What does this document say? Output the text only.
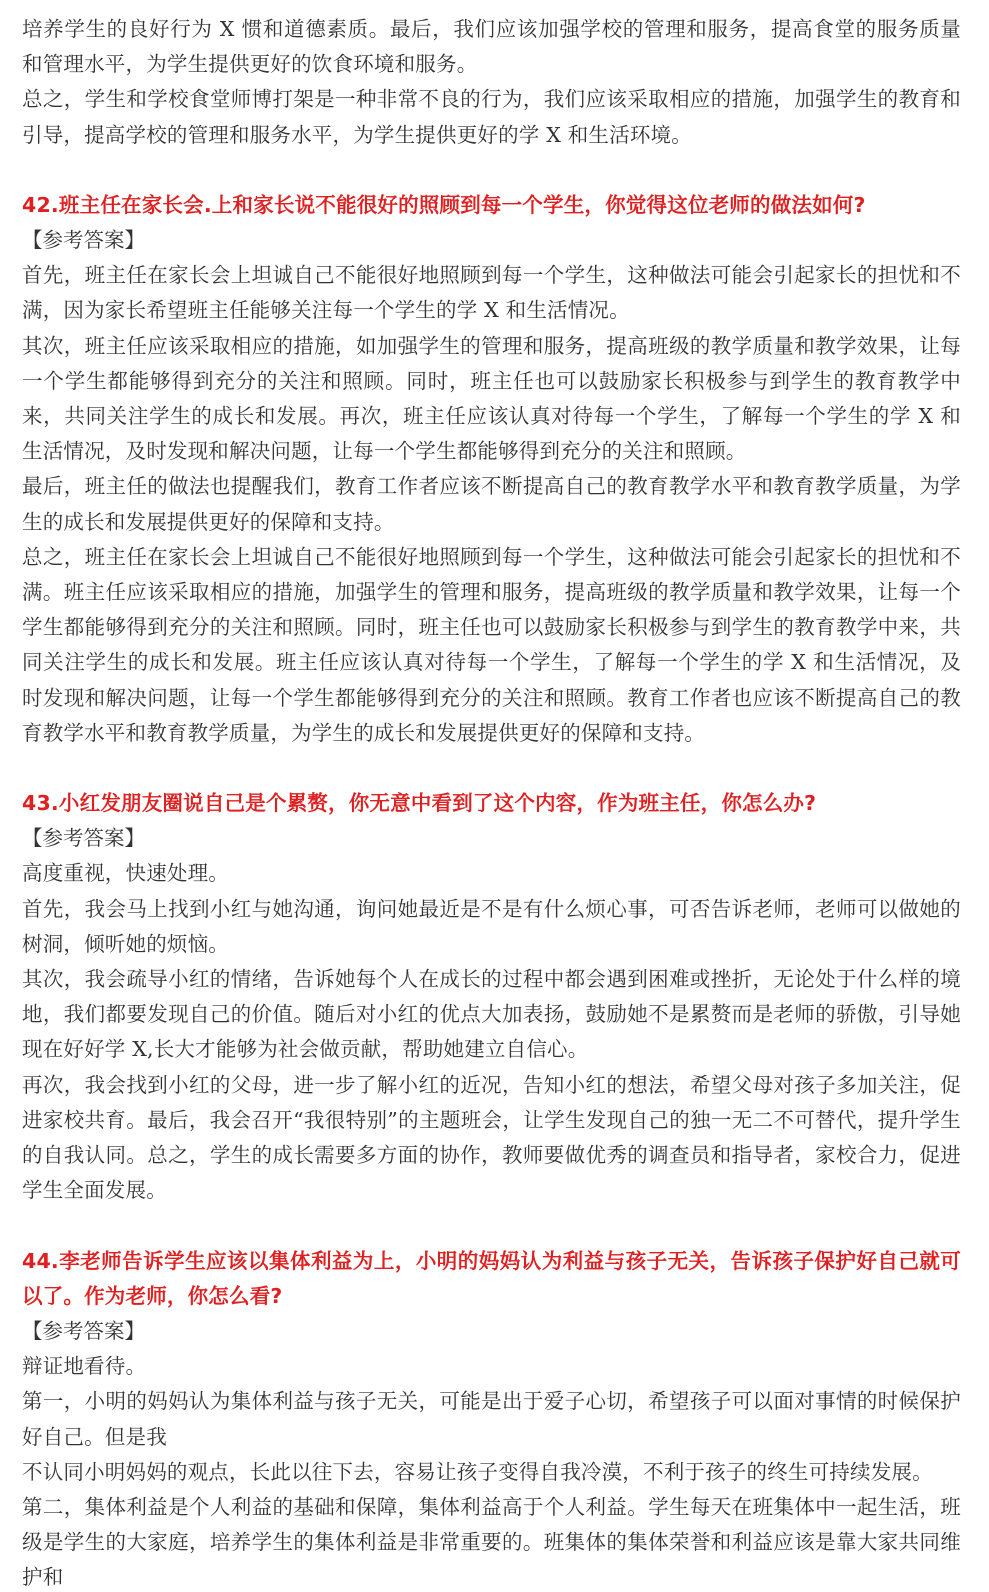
培养学生的良好行为 X 惯和道德素质。最后，我们应该加强学校的管理和服务，提高食堂的服务质量和管理水平，为学生提供更好的饮食环境和服务。

总之，学生和学校食堂师博打架是一种非常不良的行为，我们应该采取相应的措施，加强学生的教育和引导，提高学校的管理和服务水平，为学生提供更好的学 X 和生活环境。

42.班主任在家长会.上和家长说不能很好的照顾到每一个学生，你觉得这位老师的做法如何?

【参考答案】

首先，班主任在家长会上坦诚自己不能很好地照顾到每一个学生，这种做法可能会引起家长的担忧和不满，因为家长希望班主任能够关注每一个学生的学 X 和生活情况。

其次，班主任应该采取相应的措施，如加强学生的管理和服务，提高班级的教学质量和教学效果，让每一个学生都能够得到充分的关注和照顾。同时，班主任也可以鼓励家长积极参与到学生的教育教学中来，共同关注学生的成长和发展。再次，班主任应该认真对待每一个学生，了解每一个学生的学 X 和生活情况，及时发现和解决问题，让每一个学生都能够得到充分的关注和照顾。

最后，班主任的做法也提醒我们，教育工作者应该不断提高自己的教育教学水平和教育教学质量，为学生的成长和发展提供更好的保障和支持。

总之，班主任在家长会上坦诚自己不能很好地照顾到每一个学生，这种做法可能会引起家长的担忧和不满。班主任应该采取相应的措施，加强学生的管理和服务，提高班级的教学质量和教学效果，让每一个学生都能够得到充分的关注和照顾。同时，班主任也可以鼓励家长积极参与到学生的教育教学中来，共同关注学生的成长和发展。班主任应该认真对待每一个学生，了解每一个学生的学 X 和生活情况，及时发现和解决问题，让每一个学生都能够得到充分的关注和照顾。教育工作者也应该不断提高自己的教育教学水平和教育教学质量，为学生的成长和发展提供更好的保障和支持。

43.小红发朋友圈说自己是个累赘，你无意中看到了这个内容，作为班主任，你怎么办?

【参考答案】

高度重视，快速处理。

首先，我会马上找到小红与她沟通，询问她最近是不是有什么烦心事，可否告诉老师，老师可以做她的树洞，倾听她的烦恼。

其次，我会疏导小红的情绪，告诉她每个人在成长的过程中都会遇到困难或挫折，无论处于什么样的境地，我们都要发现自己的价值。随后对小红的优点大加表扬，鼓励她不是累赘而是老师的骄傲，引导她现在好好学 X,长大才能够为社会做贡献，帮助她建立自信心。

再次，我会找到小红的父母，进一步了解小红的近况，告知小红的想法，希望父母对孩子多加关注，促进家校共育。最后，我会召开“我很特别”的主题班会，让学生发现自己的独一无二不可替代，提升学生的自我认同。总之，学生的成长需要多方面的协作，教师要做优秀的调查员和指导者，家校合力，促进学生全面发展。

44.李老师告诉学生应该以集体利益为上，小明的妈妈认为利益与孩子无关，告诉孩子保护好自己就可以了。作为老师，你怎么看?

【参考答案】

辩证地看待。

第一，小明的妈妈认为集体利益与孩子无关，可能是出于爱子心切，希望孩子可以面对事情的时候保护好自己。但是我

不认同小明妈妈的观点，长此以往下去，容易让孩子变得自我冷漠，不利于孩子的终生可持续发展。

第二，集体利益是个人利益的基础和保障，集体利益高于个人利益。学生每天在班集体中一起生活，班级是学生的大家庭，培养学生的集体利益是非常重要的。班集体的集体荣誉和利益应该是靠大家共同维护和
